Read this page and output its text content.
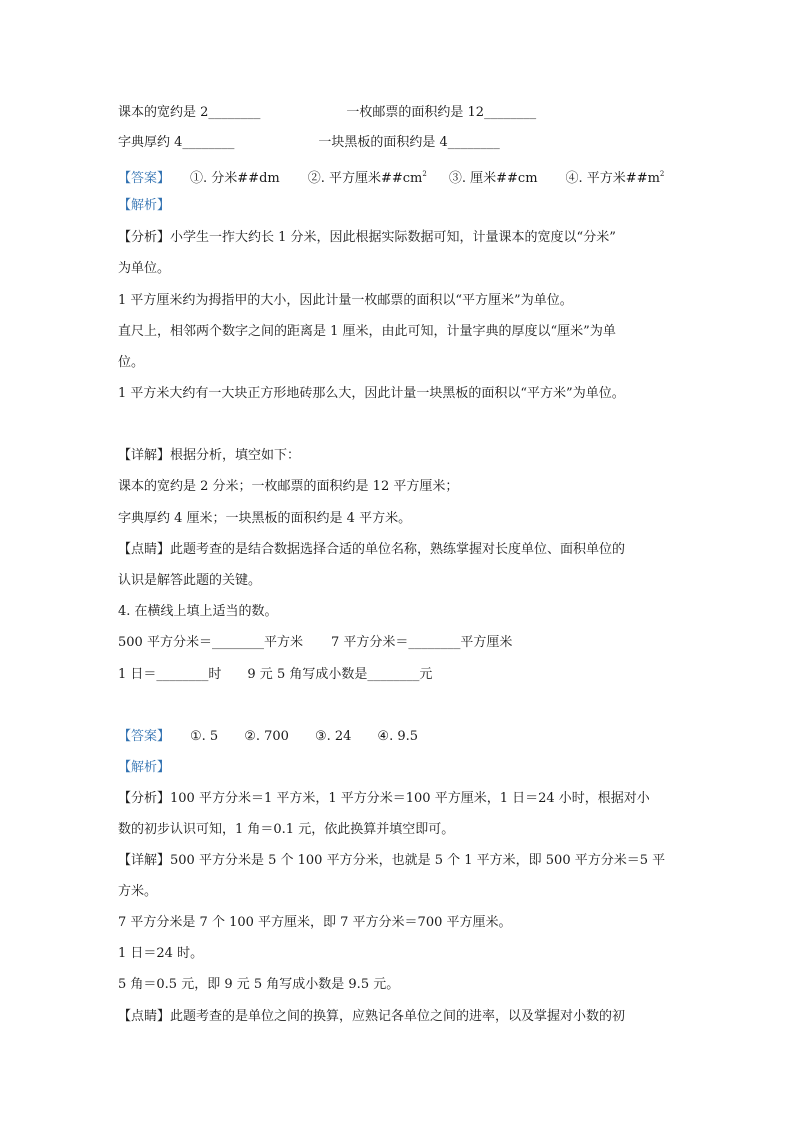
课本的宽约是 2________	一枚邮票的面积约是 12________
字典厚约 4________	一块黑板的面积约是 4________
【答案】 ①. 分米##dm ②. 平方厘米$\#\#cm^2$ ③. 厘米##cm ④. 平方米$\#\#m^2$
【解析】
【分析】小学生一拃大约长 1 分米，因此根据实际数据可知，计量课本的宽度以“分米”
为单位。
1 平方厘米约为拇指甲的大小，因此计量一枚邮票的面积以“平方厘米”为单位。
直尺上，相邻两个数字之间的距离是 1 厘米，由此可知，计量字典的厚度以“厘米”为单
位。
1 平方米大约有一大块正方形地砖那么大，因此计量一块黑板的面积以“平方米”为单位。
【详解】根据分析，填空如下：
课本的宽约是 2 分米；一枚邮票的面积约是 12 平方厘米；
字典厚约 4 厘米；一块黑板的面积约是 4 平方米。
【点睛】此题考查的是结合数据选择合适的单位名称，熟练掌握对长度单位、面积单位的
认识是解答此题的关键。
4. 在横线上填上适当的数。
500 平方分米＝________平方米 7 平方分米＝________平方厘米
1 日＝________时 9 元 5 角写成小数是________元
【答案】 ①. 5 ②. 700 ③. 24 ④. 9.5
【解析】
【分析】100 平方分米＝1 平方米，1 平方分米＝100 平方厘米，1 日＝24 小时，根据对小
数的初步认识可知，1 角＝0.1 元，依此换算并填空即可。
【详解】500 平方分米是 5 个 100 平方分米，也就是 5 个 1 平方米，即 500 平方分米＝5 平
方米。
7 平方分米是 7 个 100 平方厘米，即 7 平方分米＝700 平方厘米。
1 日＝24 时。
5 角＝0.5 元，即 9 元 5 角写成小数是 9.5 元。
【点睛】此题考查的是单位之间的换算，应熟记各单位之间的进率，以及掌握对小数的初
